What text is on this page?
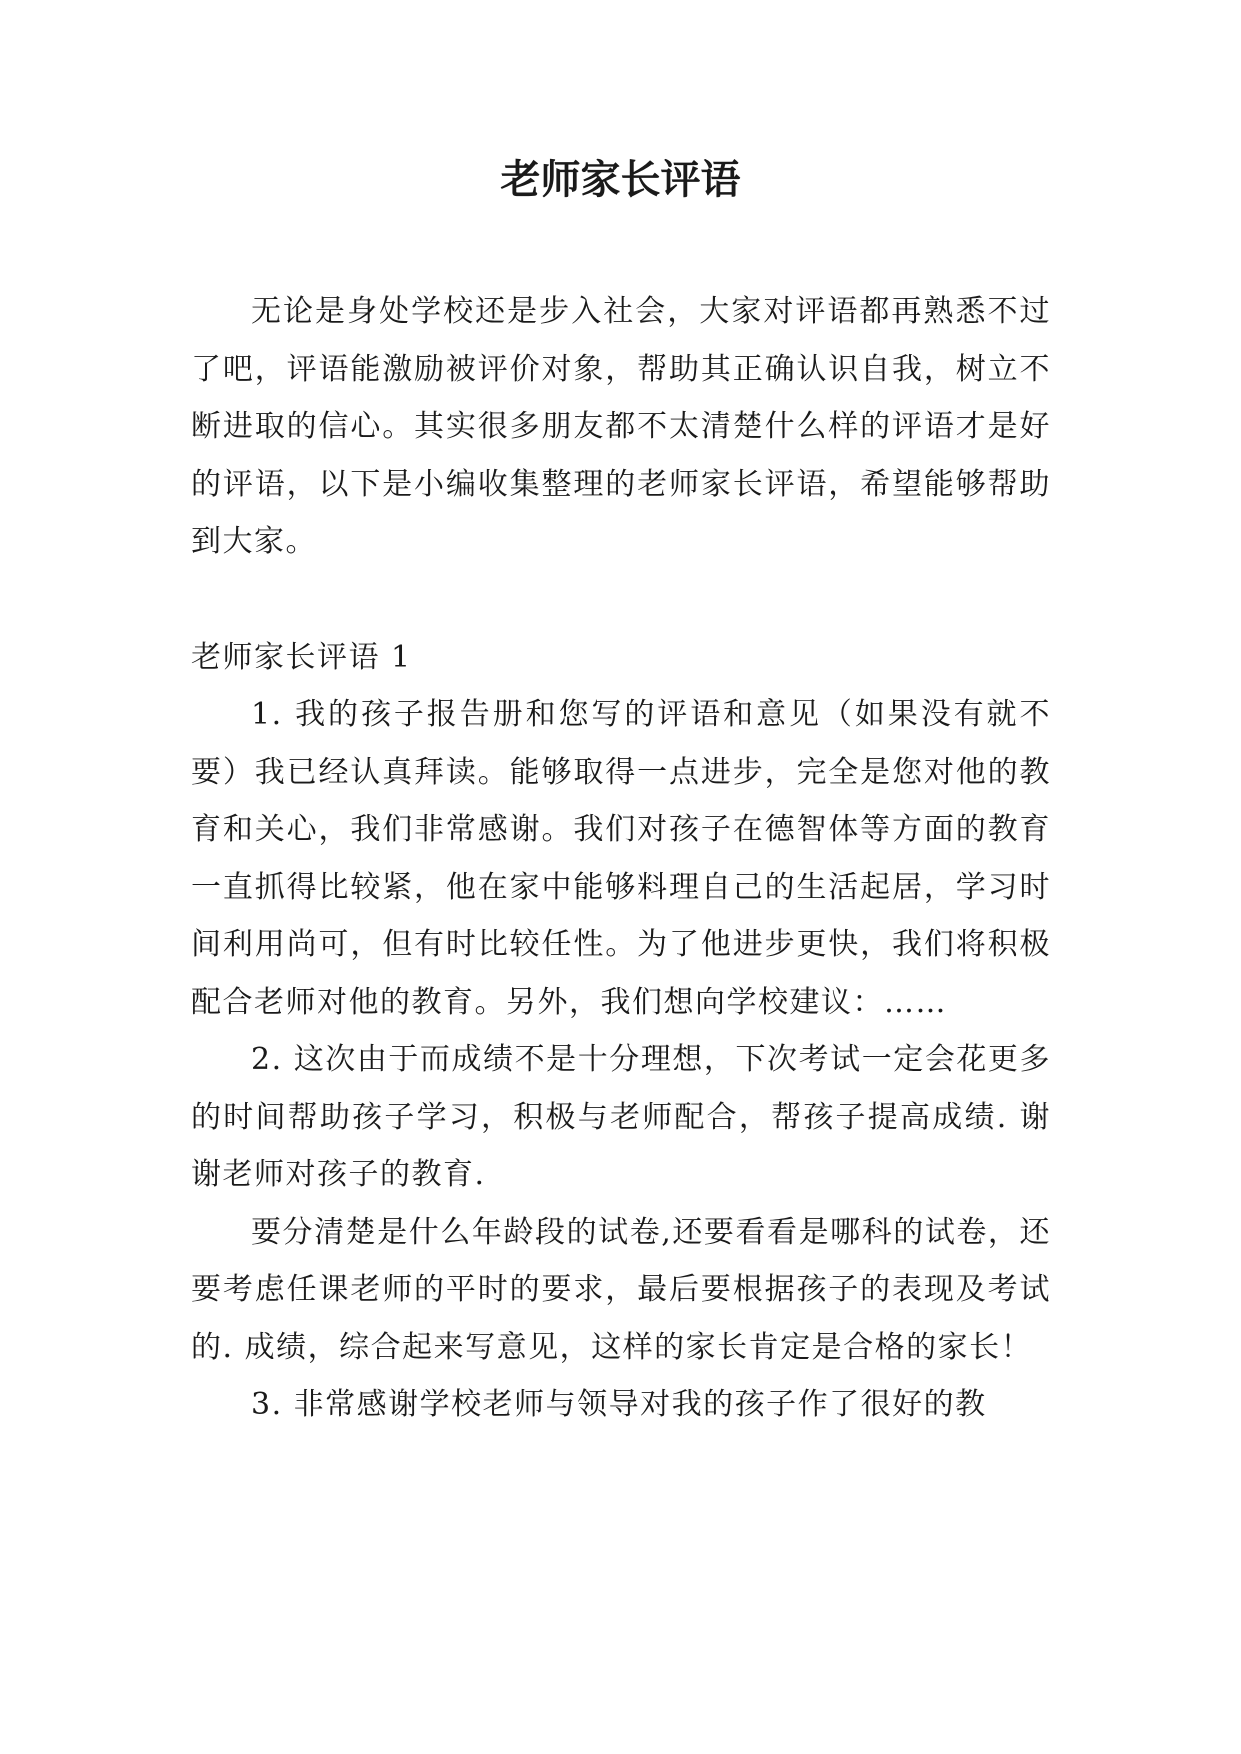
老师家长评语

无论是身处学校还是步入社会，大家对评语都再熟悉不过了吧，评语能激励被评价对象，帮助其正确认识自我，树立不断进取的信心。其实很多朋友都不太清楚什么样的评语才是好的评语，以下是小编收集整理的老师家长评语，希望能够帮助到大家。

老师家长评语 1

1. 我的孩子报告册和您写的评语和意见（如果没有就不要）我已经认真拜读。能够取得一点进步，完全是您对他的教育和关心，我们非常感谢。我们对孩子在德智体等方面的教育一直抓得比较紧，他在家中能够料理自己的生活起居，学习时间利用尚可，但有时比较任性。为了他进步更快，我们将积极配合老师对他的教育。另外，我们想向学校建议：……

2. 这次由于而成绩不是十分理想，下次考试一定会花更多的时间帮助孩子学习，积极与老师配合，帮孩子提高成绩. 谢谢老师对孩子的教育.

要分清楚是什么年龄段的试卷,还要看看是哪科的试卷，还要考虑任课老师的平时的要求，最后要根据孩子的表现及考试的. 成绩，综合起来写意见，这样的家长肯定是合格的家长！

3. 非常感谢学校老师与领导对我的孩子作了很好的教
